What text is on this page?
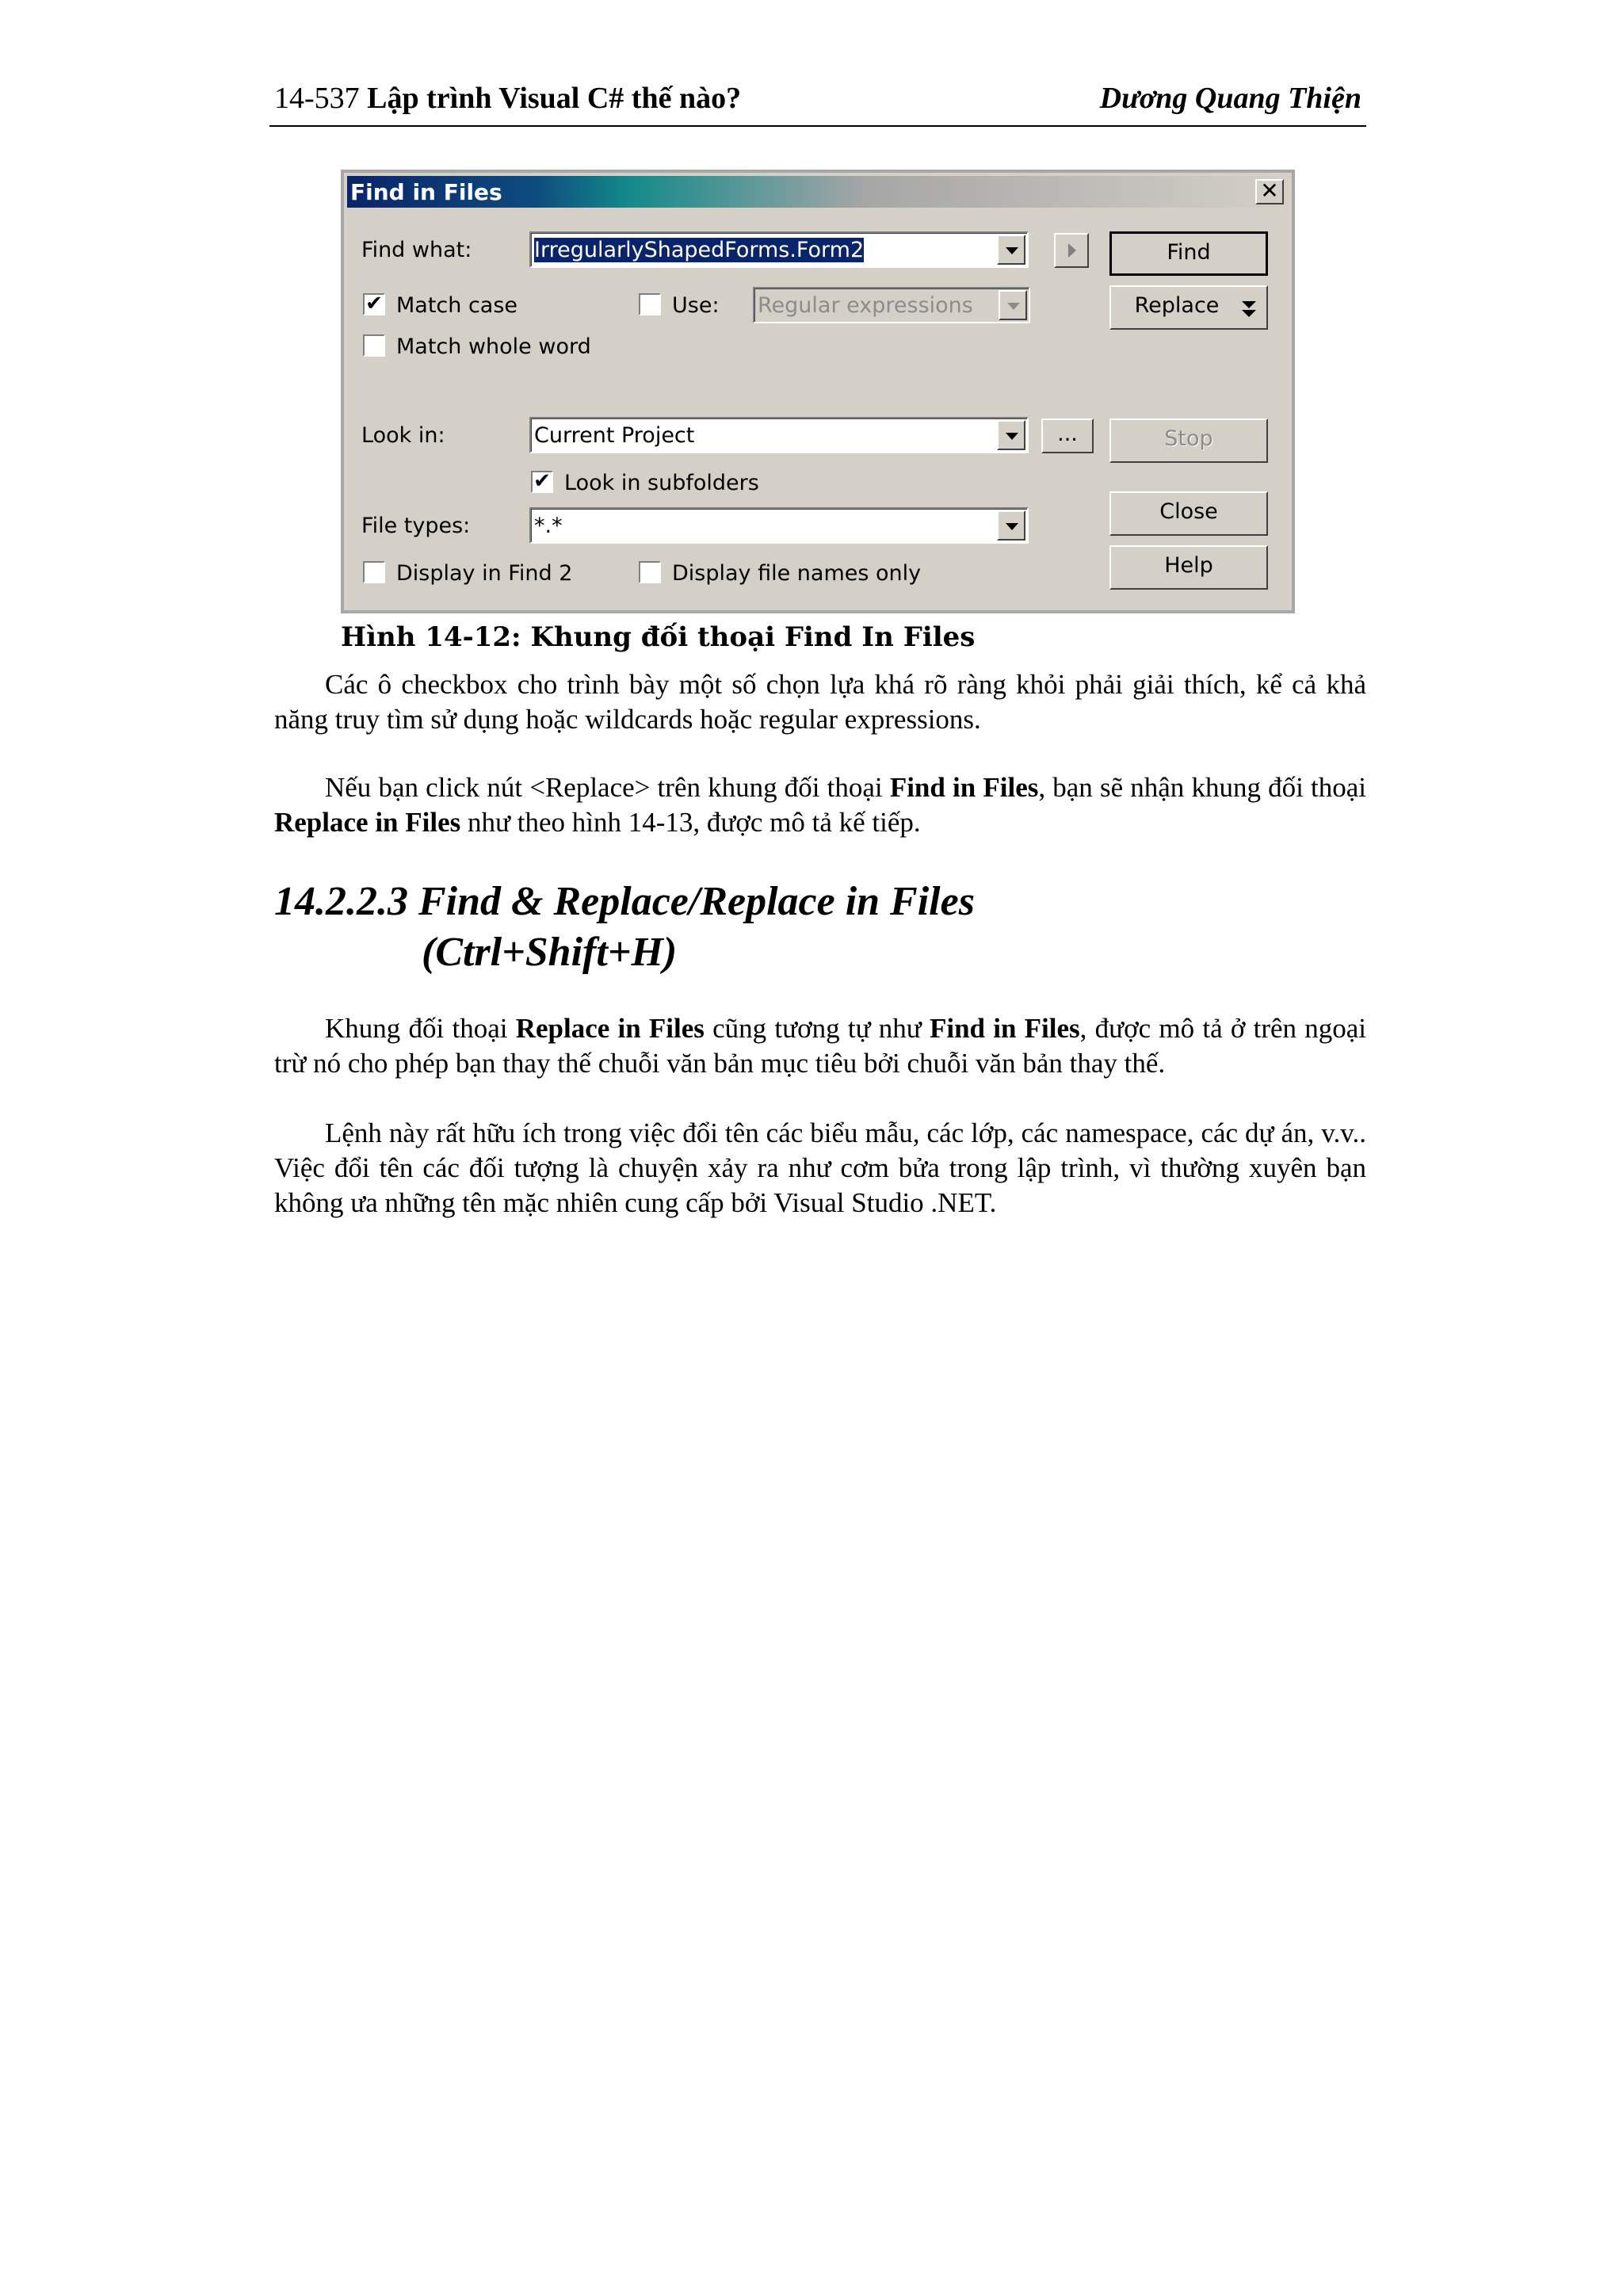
14-537 Lập trình Visual C# thế nào?	Dương Quang Thiện
Find in Files	✕
Find what:	IrregularlyShapedForms.Form2
✔ Match case	Use: Regular expressions
Match whole word
Look in:	Current Project	...
✔ Look in subfolders
File types:	*.*
Display in Find 2	Display file names only
Find
Replace
Stop
Close
Help
Hình 14-12: Khung đối thoại Find In Files

Các ô checkbox cho trình bày một số chọn lựa khá rõ ràng khỏi phải giải thích, kể cả khả năng truy tìm sử dụng hoặc wildcards hoặc regular expressions.

Nếu bạn click nút <Replace> trên khung đối thoại Find in Files, bạn sẽ nhận khung đối thoại Replace in Files như theo hình 14-13, được mô tả kế tiếp.

14.2.2.3 Find & Replace/Replace in Files
(Ctrl+Shift+H)

Khung đối thoại Replace in Files cũng tương tự như Find in Files, được mô tả ở trên ngoại trừ nó cho phép bạn thay thế chuỗi văn bản mục tiêu bởi chuỗi văn bản thay thế.

Lệnh này rất hữu ích trong việc đổi tên các biểu mẫu, các lớp, các namespace, các dự án, v.v.. Việc đổi tên các đối tượng là chuyện xảy ra như cơm bửa trong lập trình, vì thường xuyên bạn không ưa những tên mặc nhiên cung cấp bởi Visual Studio .NET.
